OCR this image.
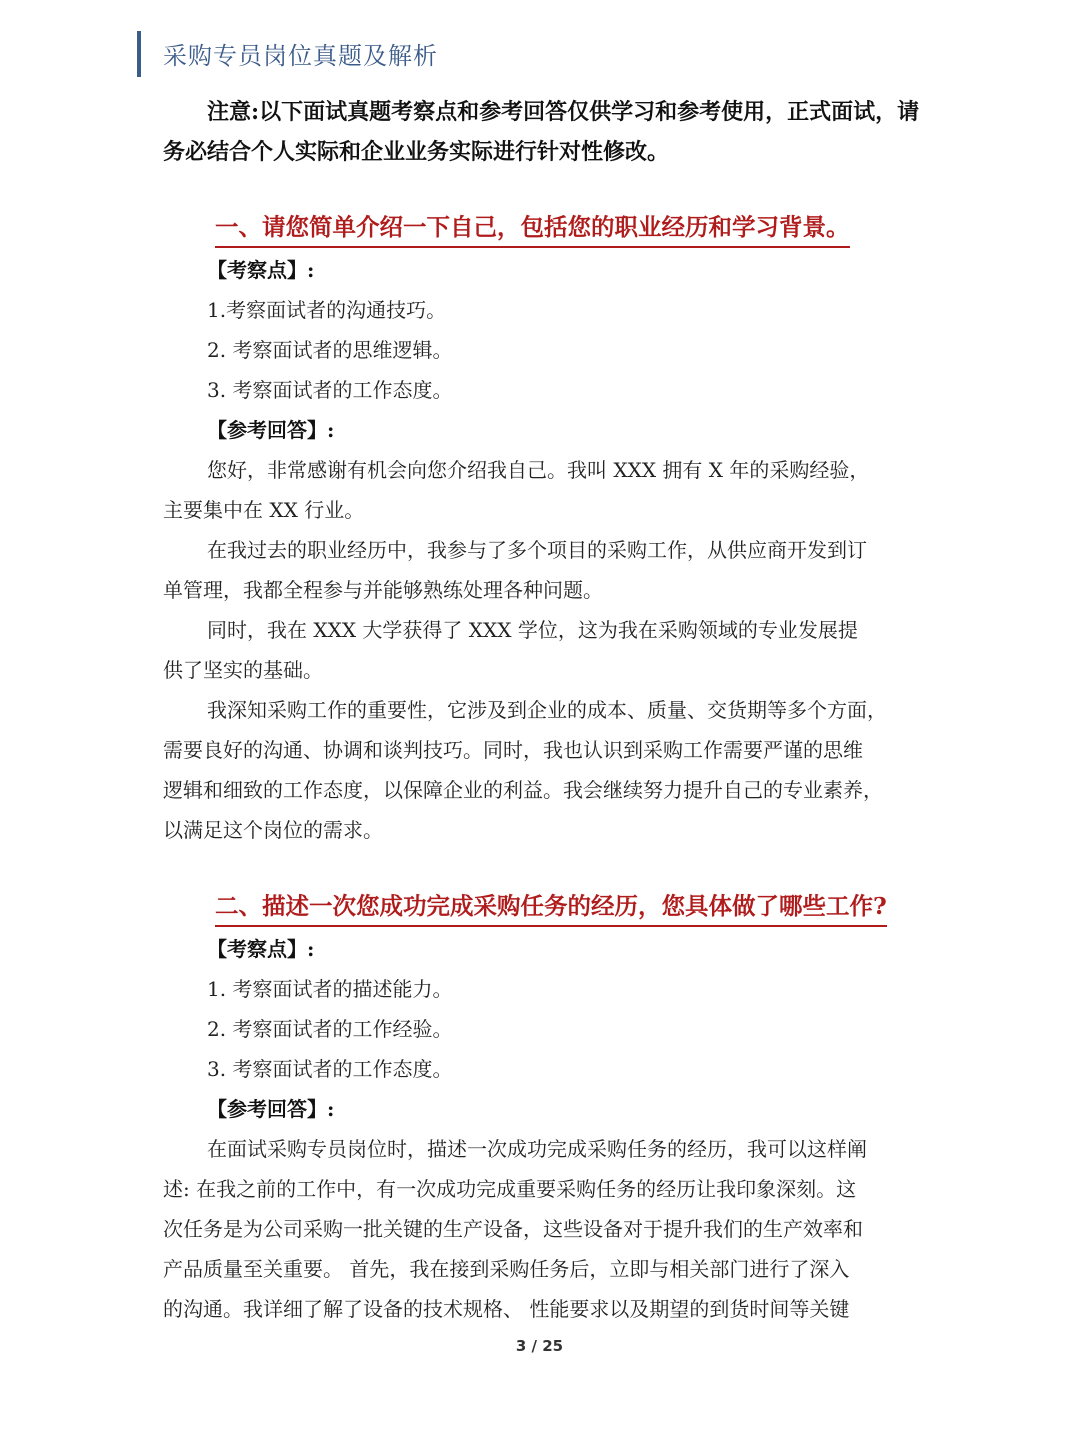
采购专员岗位真题及解析
注意:以下面试真题考察点和参考回答仅供学习和参考使用，正式面试，请务必结合个人实际和企业业务实际进行针对性修改。
一、请您简单介绍一下自己，包括您的职业经历和学习背景。
【考察点】:
1.考察面试者的沟通技巧。
2. 考察面试者的思维逻辑。
3. 考察面试者的工作态度。
【参考回答】:
您好，非常感谢有机会向您介绍我自己。我叫 XXX 拥有 X 年的采购经验，
主要集中在 XX 行业。
在我过去的职业经历中，我参与了多个项目的采购工作，从供应商开发到订
单管理，我都全程参与并能够熟练处理各种问题。
同时，我在 XXX 大学获得了 XXX 学位，这为我在采购领域的专业发展提
供了坚实的基础。
我深知采购工作的重要性，它涉及到企业的成本、质量、交货期等多个方面，
需要良好的沟通、协调和谈判技巧。同时，我也认识到采购工作需要严谨的思维
逻辑和细致的工作态度，以保障企业的利益。我会继续努力提升自己的专业素养，
以满足这个岗位的需求。
二、描述一次您成功完成采购任务的经历，您具体做了哪些工作?
【考察点】:
1. 考察面试者的描述能力。
2. 考察面试者的工作经验。
3. 考察面试者的工作态度。
【参考回答】:
在面试采购专员岗位时，描述一次成功完成采购任务的经历，我可以这样阐
述: 在我之前的工作中，有一次成功完成重要采购任务的经历让我印象深刻。这
次任务是为公司采购一批关键的生产设备，这些设备对于提升我们的生产效率和
产品质量至关重要。 首先，我在接到采购任务后，立即与相关部门进行了深入
的沟通。我详细了解了设备的技术规格、 性能要求以及期望的到货时间等关键
3 / 25
